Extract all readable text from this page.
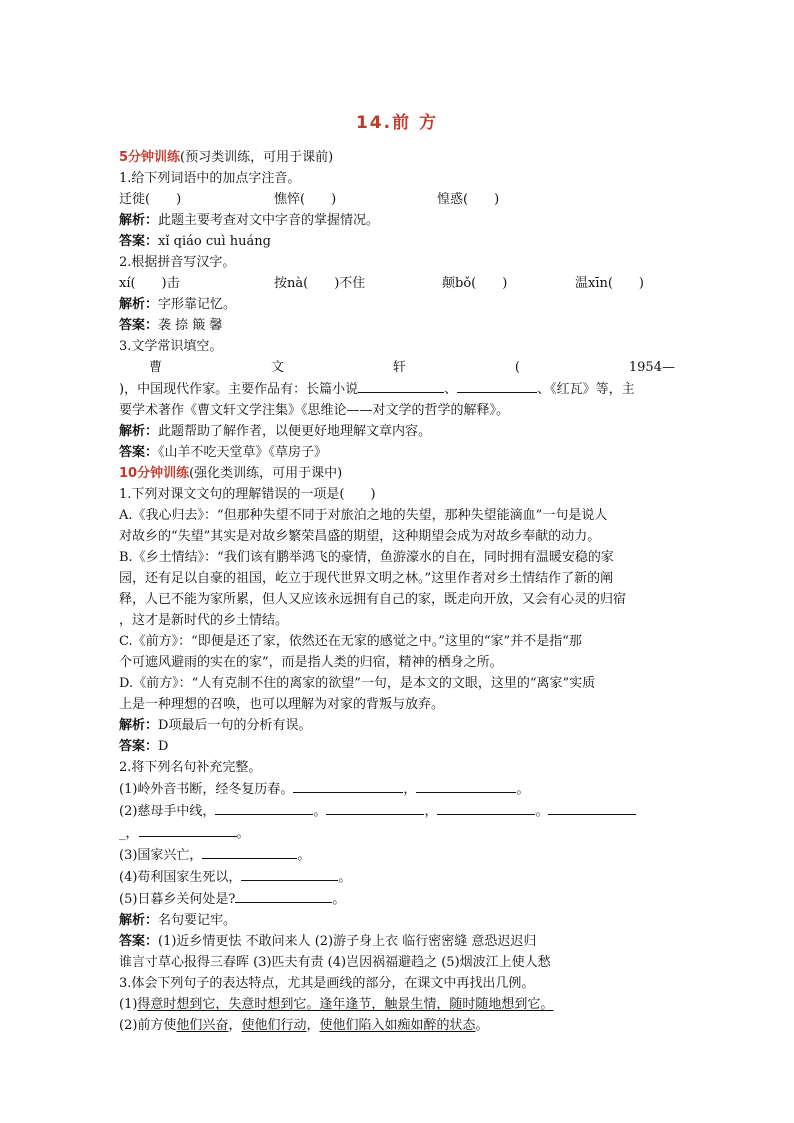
14.前 方
5分钟训练(预习类训练，可用于课前)
1.给下列词语中的加点字注音。
迁徙(　　)	憔悴(　　)	惶惑(　　)
解析：此题主要考查对文中字音的掌握情况。
答案：xǐ qiáo cuì huáng
2.根据拼音写汉字。
xí(　　)击	按nà(　　)不住	颠bǒ(　　)	温xīn(　　)
解析：字形靠记忆。
答案：袭 捺 簸 馨
3.文学常识填空。
曹	文	轩	(	1954—
)，中国现代作家。主要作品有：长篇小说	、	、《红瓦》等，主
要学术著作《曹文轩文学注集》《思维论——对文学的哲学的解释》。
解析：此题帮助了解作者，以便更好地理解文章内容。
答案：《山羊不吃天堂草》《草房子》
10分钟训练(强化类训练，可用于课中)
1.下列对课文文句的理解错误的一项是(　　)
A.《我心归去》：“但那种失望不同于对旅泊之地的失望，那种失望能滴血”一句是说人
对故乡的“失望”其实是对故乡繁荣昌盛的期望，这种期望会成为对故乡奉献的动力。
B.《乡土情结》：“我们该有鹏举鸿飞的豪情，鱼游濠水的自在，同时拥有温暖安稳的家
园，还有足以自豪的祖国，屹立于现代世界文明之林。”这里作者对乡土情结作了新的阐
释，人已不能为家所累，但人又应该永远拥有自己的家，既走向开放，又会有心灵的归宿
，这才是新时代的乡土情结。
C.《前方》：“即便是还了家，依然还在无家的感觉之中。”这里的“家”并不是指“那
个可遮风避雨的实在的家”，而是指人类的归宿，精神的栖身之所。
D.《前方》：“人有克制不住的离家的欲望”一句，是本文的文眼，这里的“离家”实质
上是一种理想的召唤，也可以理解为对家的背叛与放弃。
解析：D项最后一句的分析有误。
答案：D
2.将下列名句补充完整。
(1)岭外音书断，经冬复历春。	，	。
(2)慈母手中线，	。	，	。
_，	。
(3)国家兴亡，	。
(4)苟利国家生死以，	。
(5)日暮乡关何处是?	。
解析：名句要记牢。
答案：(1)近乡情更怯 不敢问来人 (2)游子身上衣 临行密密缝 意恐迟迟归
谁言寸草心报得三春晖 (3)匹夫有责 (4)岂因祸福避趋之 (5)烟波江上使人愁
3.体会下列句子的表达特点，尤其是画线的部分，在课文中再找出几例。
(1)得意时想到它，失意时想到它。逢年逢节，触景生情，随时随地想到它。
(2)前方使他们兴奋，使他们行动，使他们陷入如痴如醉的状态。
